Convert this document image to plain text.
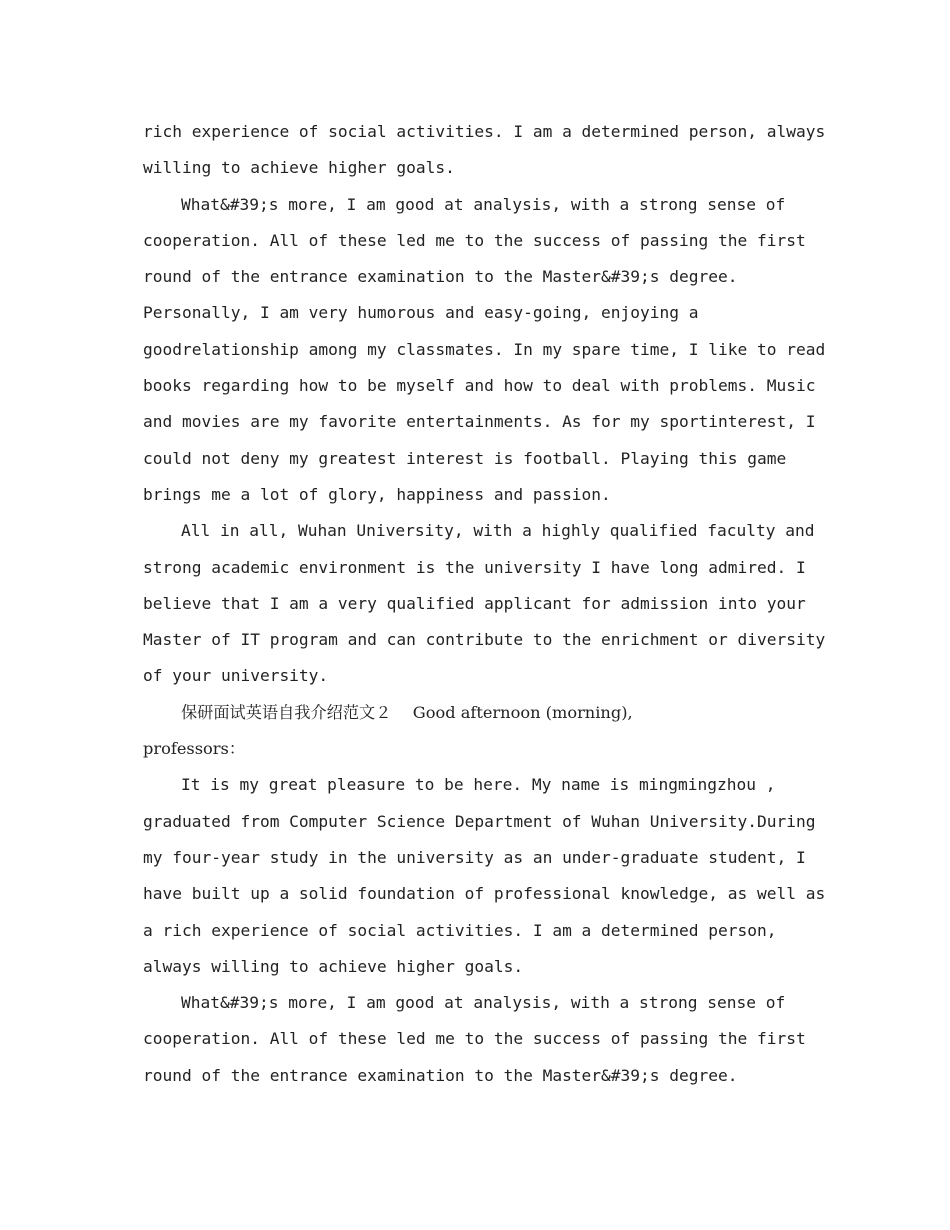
rich experience of social activities. I am a determined person, always
willing to achieve higher goals.
What&#39;s more, I am good at analysis, with a strong sense of
cooperation. All of these led me to the success of passing the first
round of the entrance examination to the Master&#39;s degree.
Personally, I am very humorous and easy-going, enjoying a
goodrelationship among my classmates. In my spare time, I like to read
books regarding how to be myself and how to deal with problems. Music
and movies are my favorite entertainments. As for my sportinterest, I
could not deny my greatest interest is football. Playing this game
brings me a lot of glory, happiness and passion.
All in all, Wuhan University, with a highly qualified faculty and
strong academic environment is the university I have long admired. I
believe that I am a very qualified applicant for admission into your
Master of IT program and can contribute to the enrichment or diversity
of your university.
保研面试英语自我介绍范文２　 Good afternoon (morning),
professors：
It is my great pleasure to be here. My name is mingmingzhou ,
graduated from Computer Science Department of Wuhan University.During
my four-year study in the university as an under-graduate student, I
have built up a solid foundation of professional knowledge, as well as
a rich experience of social activities. I am a determined person,
always willing to achieve higher goals.
What&#39;s more, I am good at analysis, with a strong sense of
cooperation. All of these led me to the success of passing the first
round of the entrance examination to the Master&#39;s degree.
